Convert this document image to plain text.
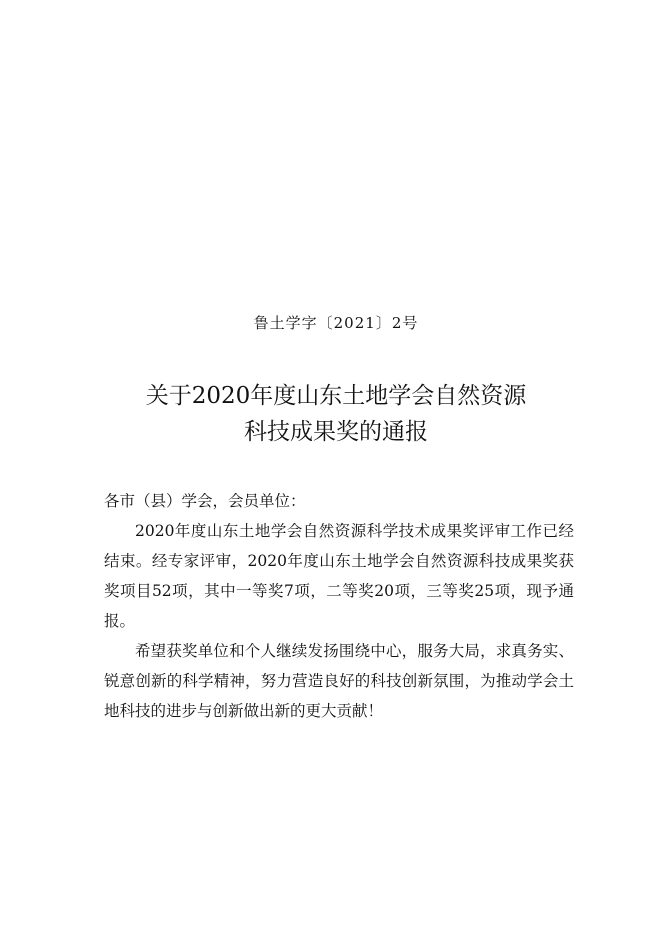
鲁土学字〔2021〕2号
关于2020年度山东土地学会自然资源
科技成果奖的通报

各市（县）学会，会员单位：

2020年度山东土地学会自然资源科学技术成果奖评审工作已经结束。经专家评审，2020年度山东土地学会自然资源科技成果奖获奖项目52项，其中一等奖7项，二等奖20项，三等奖25项，现予通报。

希望获奖单位和个人继续发扬围绕中心，服务大局，求真务实、锐意创新的科学精神，努力营造良好的科技创新氛围，为推动学会土地科技的进步与创新做出新的更大贡献！
